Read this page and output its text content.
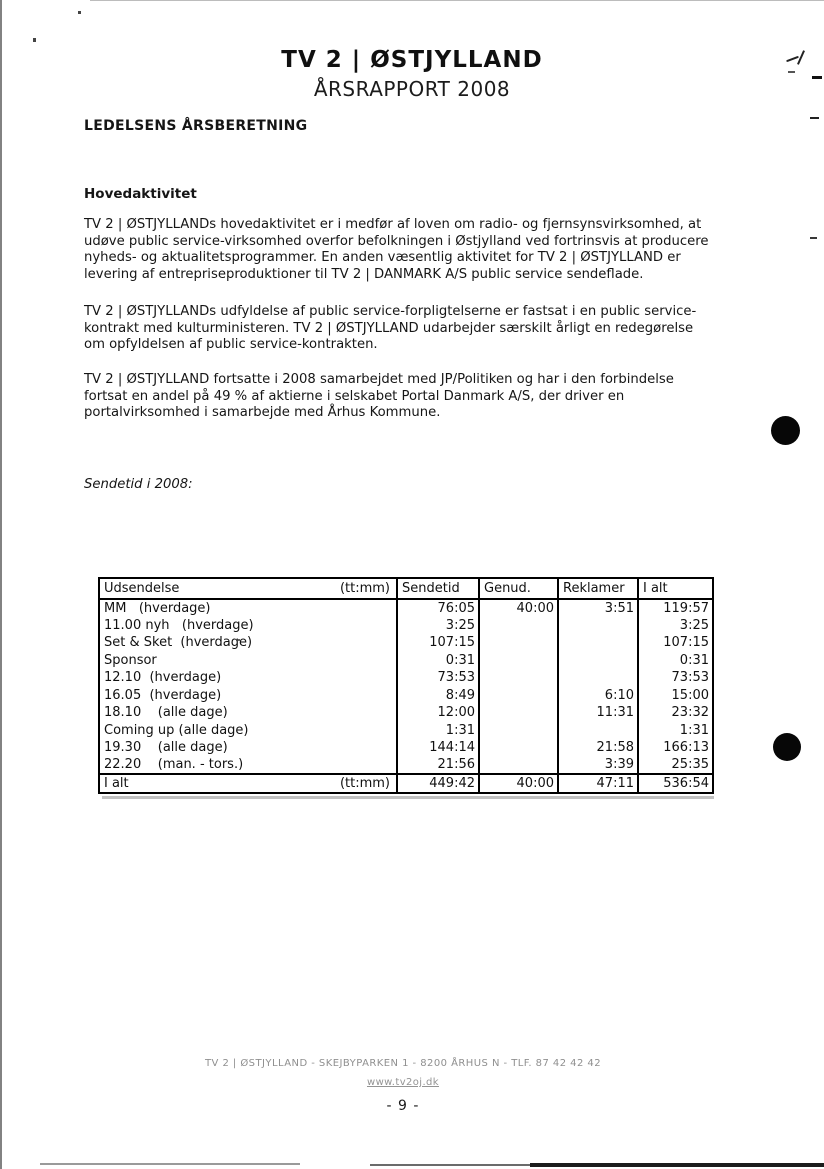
TV 2 | ØSTJYLLAND
ÅRSRAPPORT 2008
LEDELSENS ÅRSBERETNING
Hovedaktivitet
TV 2 | ØSTJYLLANDs hovedaktivitet er i medfør af loven om radio- og fjernsynsvirksomhed, at
udøve public service-virksomhed overfor befolkningen i Østjylland ved fortrinsvis at producere
nyheds- og aktualitetsprogrammer. En anden væsentlig aktivitet for TV 2 | ØSTJYLLAND er
levering af entrepriseproduktioner til TV 2 | DANMARK A/S public service sendeflade.
TV 2 | ØSTJYLLANDs udfyldelse af public service-forpligtelserne er fastsat i en public service-
kontrakt med kulturministeren. TV 2 | ØSTJYLLAND udarbejder særskilt årligt en redegørelse
om opfyldelsen af public service-kontrakten.
TV 2 | ØSTJYLLAND fortsatte i 2008 samarbejdet med JP/Politiken og har i den forbindelse
fortsat en andel på 49 % af aktierne i selskabet Portal Danmark A/S, der driver en
portalvirksomhed i samarbejde med Århus Kommune.
Sendetid i 2008:
Udsendelse (tt:mm)	Sendetid	Genud.	Reklamer	I alt
MM   (hverdage)	76:05	40:00	3:51	119:57
11.00 nyh   (hverdage)	3:25			3:25
Set & Sket  (hverdage)	107:15			107:15
Sponsor	0:31			0:31
12.10  (hverdage)	73:53			73:53
16.05  (hverdage)	8:49		6:10	15:00
18.10    (alle dage)	12:00		11:31	23:32
Coming up (alle dage)	1:31			1:31
19.30    (alle dage)	144:14		21:58	166:13
22.20    (man. - tors.)	21:56		3:39	25:35

I alt (tt:mm)	449:42	40:00	47:11	536:54
TV 2 | ØSTJYLLAND - SKEJBYPARKEN 1 - 8200 ÅRHUS N - TLF. 87 42 42 42
www.tv2oj.dk
- 9 -
